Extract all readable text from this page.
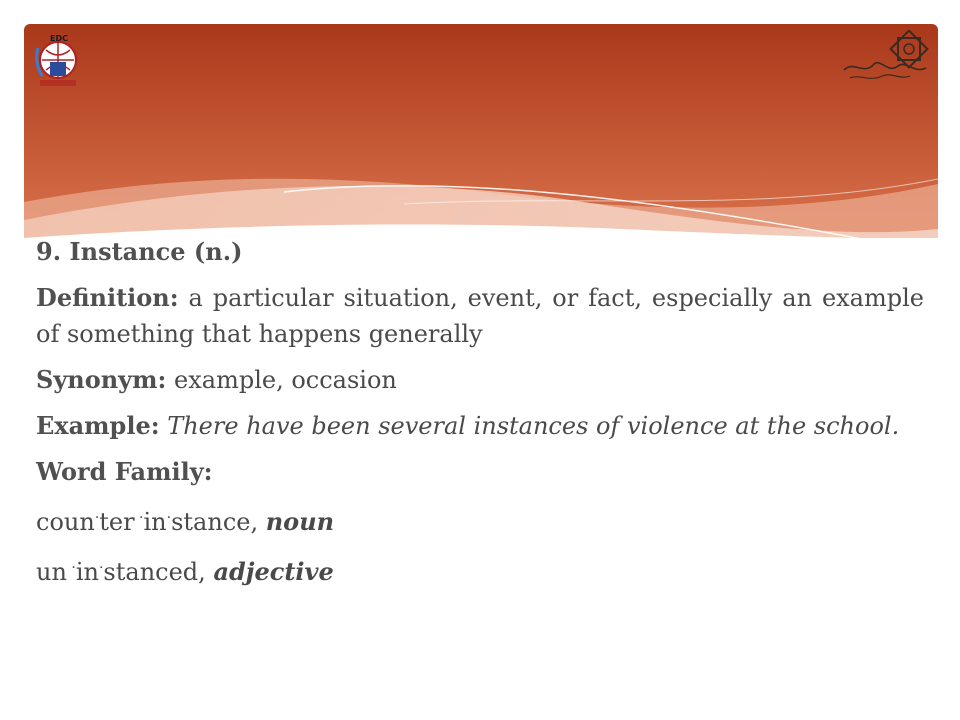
EDC

9. Instance (n.)

Definition: a particular situation, event, or fact, especially an example of something that happens generally

Synonym: example, occasion

Example: There have been several instances of violence at the school.

Word Family:

coun·ter ·in·stance, noun

un ·in·stanced, adjective
